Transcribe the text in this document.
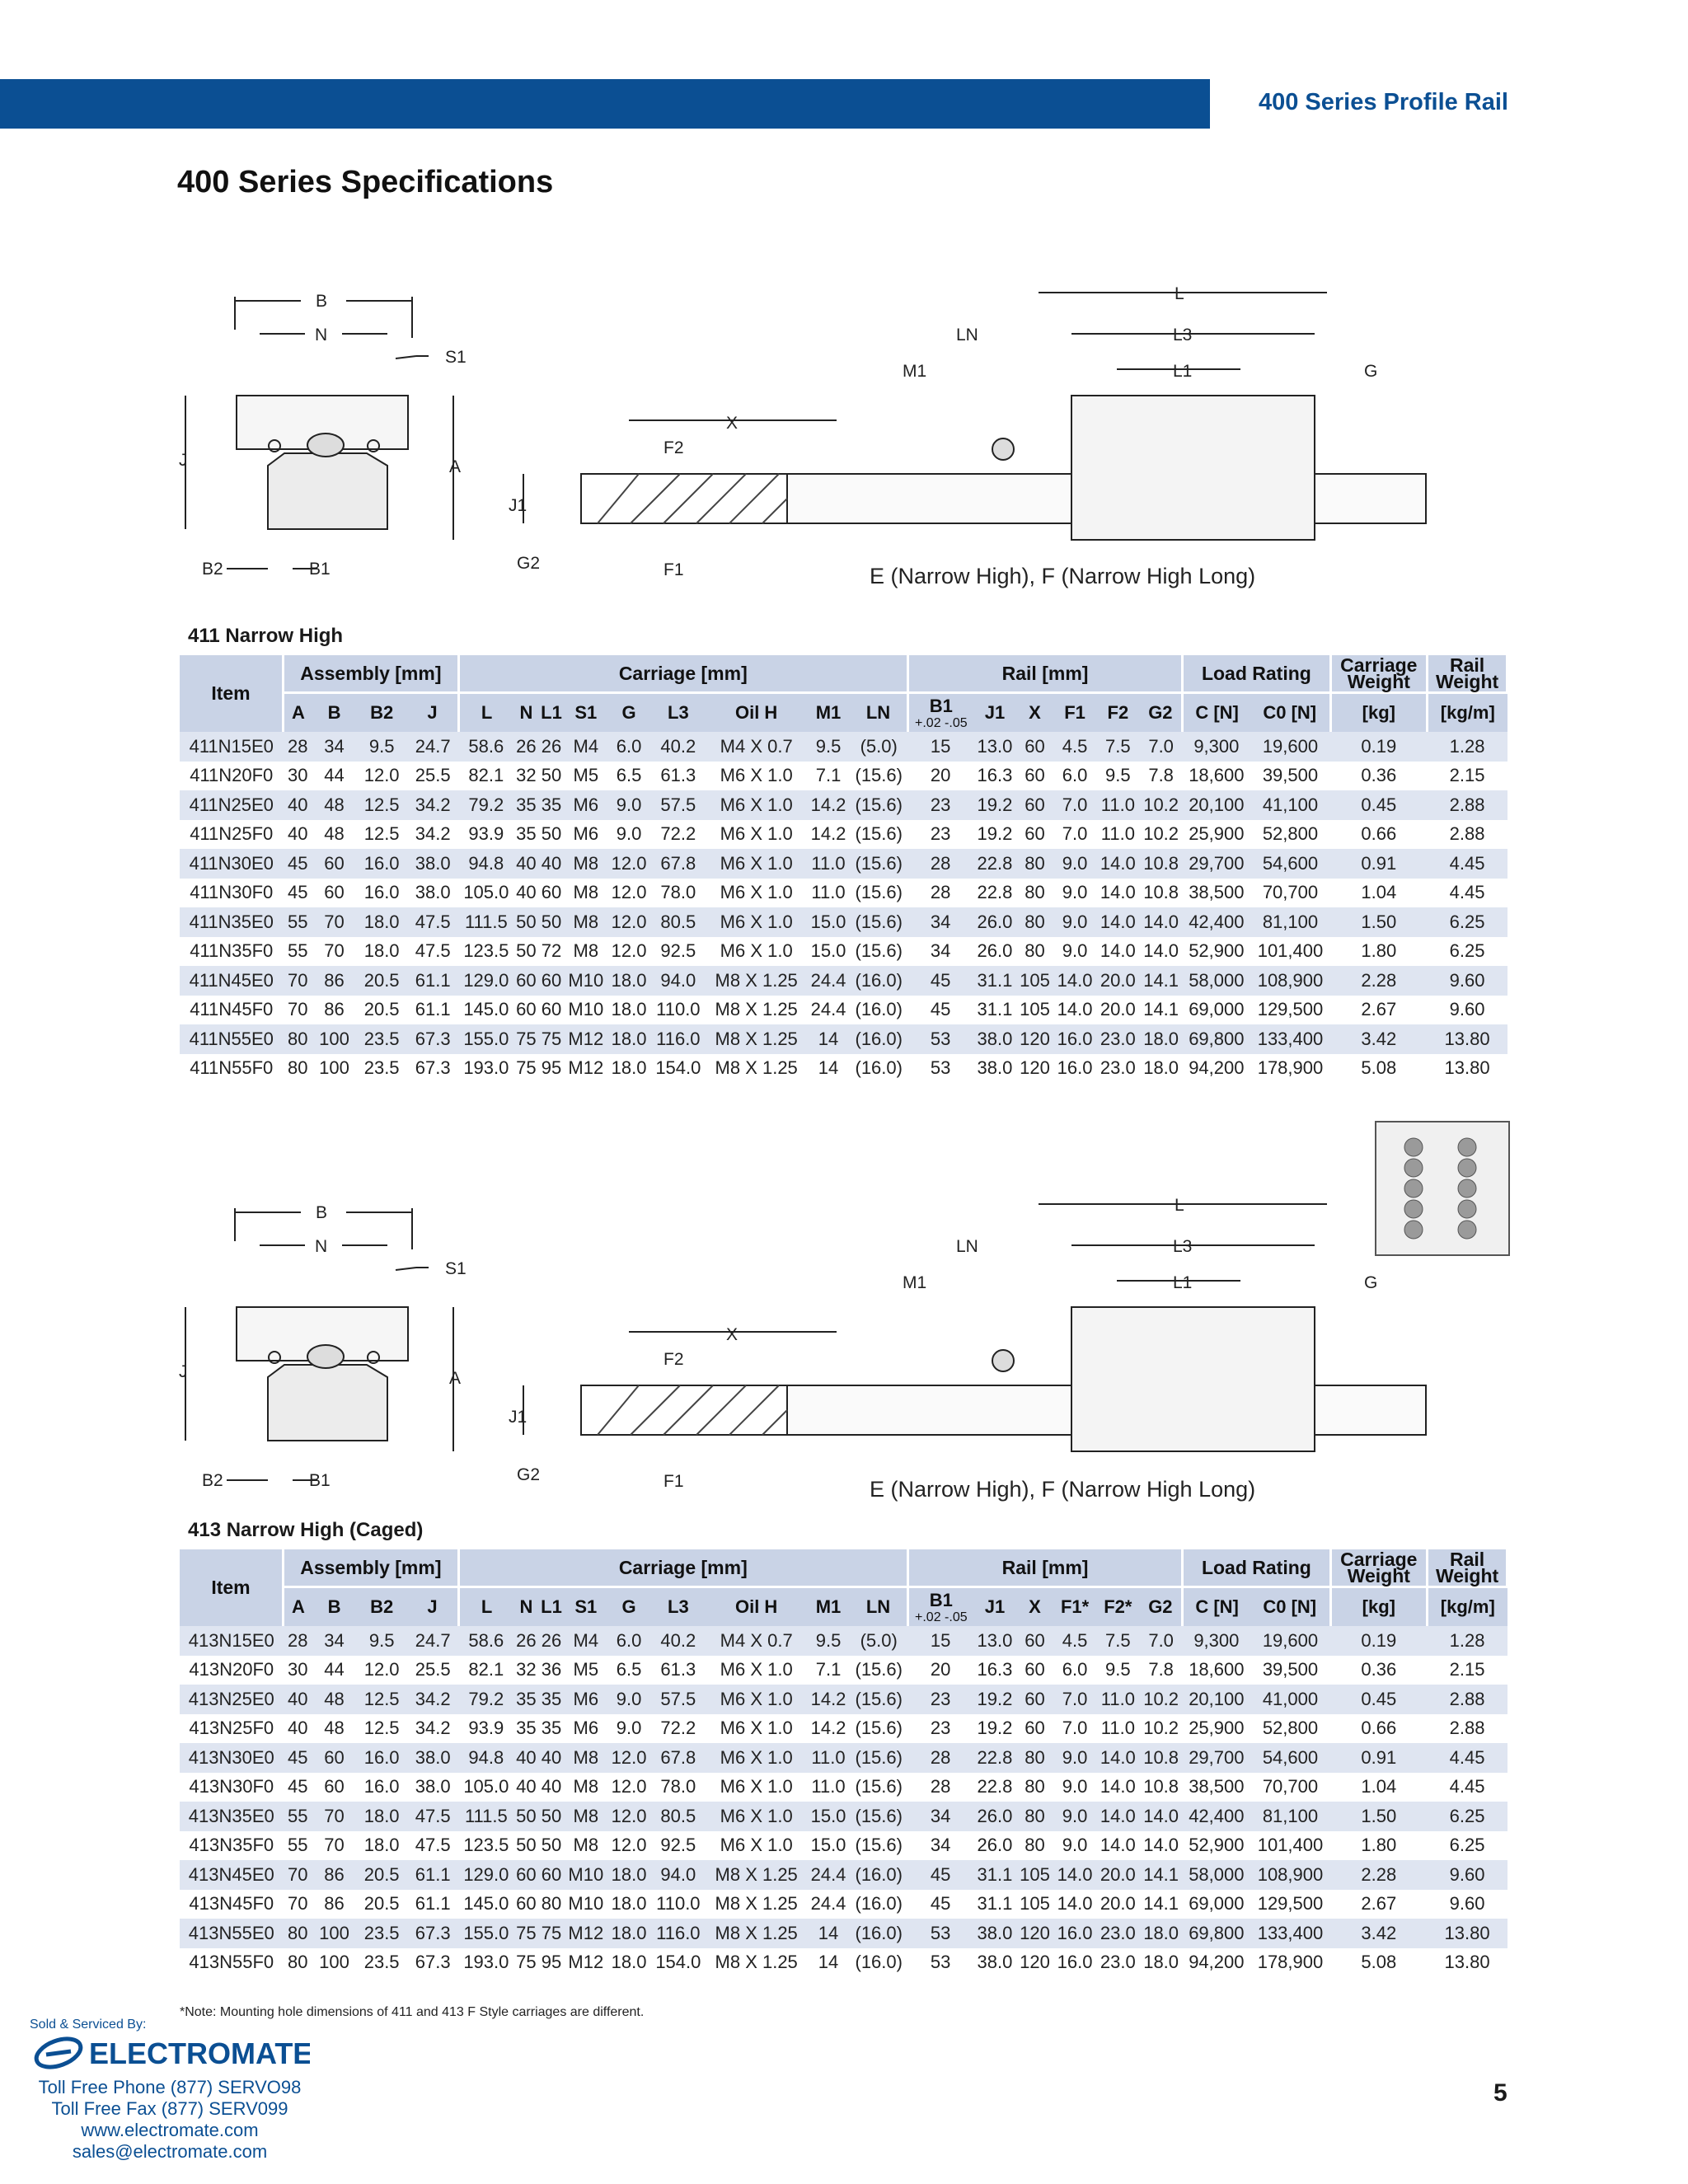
400 Series Profile Rail
400 Series Specifications
B
N
S1
J	A
B2	B1
X
F2
F1
J1
G2
L
LN	L3
M1	L1	G
E (Narrow High), F (Narrow High Long)
411 Narrow High
Item	Assembly [mm]				Carriage [mm]									Rail [mm]						Load Rating		Carriage
Weight	Rail
Weight
	A	B	B2	J	L	N	L1	S1	G	L3	Oil H	M1	LN	B1
+.02 -.05	J1	X	F1	F2	G2	C [N]	C0 [N]	[kg]	[kg/m]
411N15E0	28	34	9.5	24.7	58.6	26	26	M4	6.0	40.2	M4 X 0.7	9.5	(5.0)	15	13.0	60	4.5	7.5	7.0	9,300	19,600	0.19	1.28
411N20F0	30	44	12.0	25.5	82.1	32	50	M5	6.5	61.3	M6 X 1.0	7.1	(15.6)	20	16.3	60	6.0	9.5	7.8	18,600	39,500	0.36	2.15
411N25E0	40	48	12.5	34.2	79.2	35	35	M6	9.0	57.5	M6 X 1.0	14.2	(15.6)	23	19.2	60	7.0	11.0	10.2	20,100	41,100	0.45	2.88
411N25F0	40	48	12.5	34.2	93.9	35	50	M6	9.0	72.2	M6 X 1.0	14.2	(15.6)	23	19.2	60	7.0	11.0	10.2	25,900	52,800	0.66	2.88
411N30E0	45	60	16.0	38.0	94.8	40	40	M8	12.0	67.8	M6 X 1.0	11.0	(15.6)	28	22.8	80	9.0	14.0	10.8	29,700	54,600	0.91	4.45
411N30F0	45	60	16.0	38.0	105.0	40	60	M8	12.0	78.0	M6 X 1.0	11.0	(15.6)	28	22.8	80	9.0	14.0	10.8	38,500	70,700	1.04	4.45
411N35E0	55	70	18.0	47.5	111.5	50	50	M8	12.0	80.5	M6 X 1.0	15.0	(15.6)	34	26.0	80	9.0	14.0	14.0	42,400	81,100	1.50	6.25
411N35F0	55	70	18.0	47.5	123.5	50	72	M8	12.0	92.5	M6 X 1.0	15.0	(15.6)	34	26.0	80	9.0	14.0	14.0	52,900	101,400	1.80	6.25
411N45E0	70	86	20.5	61.1	129.0	60	60	M10	18.0	94.0	M8 X 1.25	24.4	(16.0)	45	31.1	105	14.0	20.0	14.1	58,000	108,900	2.28	9.60
411N45F0	70	86	20.5	61.1	145.0	60	60	M10	18.0	110.0	M8 X 1.25	24.4	(16.0)	45	31.1	105	14.0	20.0	14.1	69,000	129,500	2.67	9.60
411N55E0	80	100	23.5	67.3	155.0	75	75	M12	18.0	116.0	M8 X 1.25	14	(16.0)	53	38.0	120	16.0	23.0	18.0	69,800	133,400	3.42	13.80
411N55F0	80	100	23.5	67.3	193.0	75	95	M12	18.0	154.0	M8 X 1.25	14	(16.0)	53	38.0	120	16.0	23.0	18.0	94,200	178,900	5.08	13.80
B
N
S1
J	A
B2	B1
X
F2
F1
J1
G2
L
LN	L3
M1	L1	G
E (Narrow High), F (Narrow High Long)
413 Narrow High (Caged)
Item	Assembly [mm]				Carriage [mm]									Rail [mm]						Load Rating		Carriage
Weight	Rail
Weight
	A	B	B2	J	L	N	L1	S1	G	L3	Oil H	M1	LN	B1
+.02 -.05	J1	X	F1*	F2*	G2	C [N]	C0 [N]	[kg]	[kg/m]
413N15E0	28	34	9.5	24.7	58.6	26	26	M4	6.0	40.2	M4 X 0.7	9.5	(5.0)	15	13.0	60	4.5	7.5	7.0	9,300	19,600	0.19	1.28
413N20F0	30	44	12.0	25.5	82.1	32	36	M5	6.5	61.3	M6 X 1.0	7.1	(15.6)	20	16.3	60	6.0	9.5	7.8	18,600	39,500	0.36	2.15
413N25E0	40	48	12.5	34.2	79.2	35	35	M6	9.0	57.5	M6 X 1.0	14.2	(15.6)	23	19.2	60	7.0	11.0	10.2	20,100	41,000	0.45	2.88
413N25F0	40	48	12.5	34.2	93.9	35	35	M6	9.0	72.2	M6 X 1.0	14.2	(15.6)	23	19.2	60	7.0	11.0	10.2	25,900	52,800	0.66	2.88
413N30E0	45	60	16.0	38.0	94.8	40	40	M8	12.0	67.8	M6 X 1.0	11.0	(15.6)	28	22.8	80	9.0	14.0	10.8	29,700	54,600	0.91	4.45
413N30F0	45	60	16.0	38.0	105.0	40	40	M8	12.0	78.0	M6 X 1.0	11.0	(15.6)	28	22.8	80	9.0	14.0	10.8	38,500	70,700	1.04	4.45
413N35E0	55	70	18.0	47.5	111.5	50	50	M8	12.0	80.5	M6 X 1.0	15.0	(15.6)	34	26.0	80	9.0	14.0	14.0	42,400	81,100	1.50	6.25
413N35F0	55	70	18.0	47.5	123.5	50	50	M8	12.0	92.5	M6 X 1.0	15.0	(15.6)	34	26.0	80	9.0	14.0	14.0	52,900	101,400	1.80	6.25
413N45E0	70	86	20.5	61.1	129.0	60	60	M10	18.0	94.0	M8 X 1.25	24.4	(16.0)	45	31.1	105	14.0	20.0	14.1	58,000	108,900	2.28	9.60
413N45F0	70	86	20.5	61.1	145.0	60	80	M10	18.0	110.0	M8 X 1.25	24.4	(16.0)	45	31.1	105	14.0	20.0	14.1	69,000	129,500	2.67	9.60
413N55E0	80	100	23.5	67.3	155.0	75	75	M12	18.0	116.0	M8 X 1.25	14	(16.0)	53	38.0	120	16.0	23.0	18.0	69,800	133,400	3.42	13.80
413N55F0	80	100	23.5	67.3	193.0	75	95	M12	18.0	154.0	M8 X 1.25	14	(16.0)	53	38.0	120	16.0	23.0	18.0	94,200	178,900	5.08	13.80
*Note: Mounting hole dimensions of 411 and 413 F Style carriages are different.
Sold & Serviced By:
ELECTROMATE
Toll Free Phone (877) SERVO98
Toll Free Fax (877) SERV099
www.electromate.com
sales@electromate.com
5
